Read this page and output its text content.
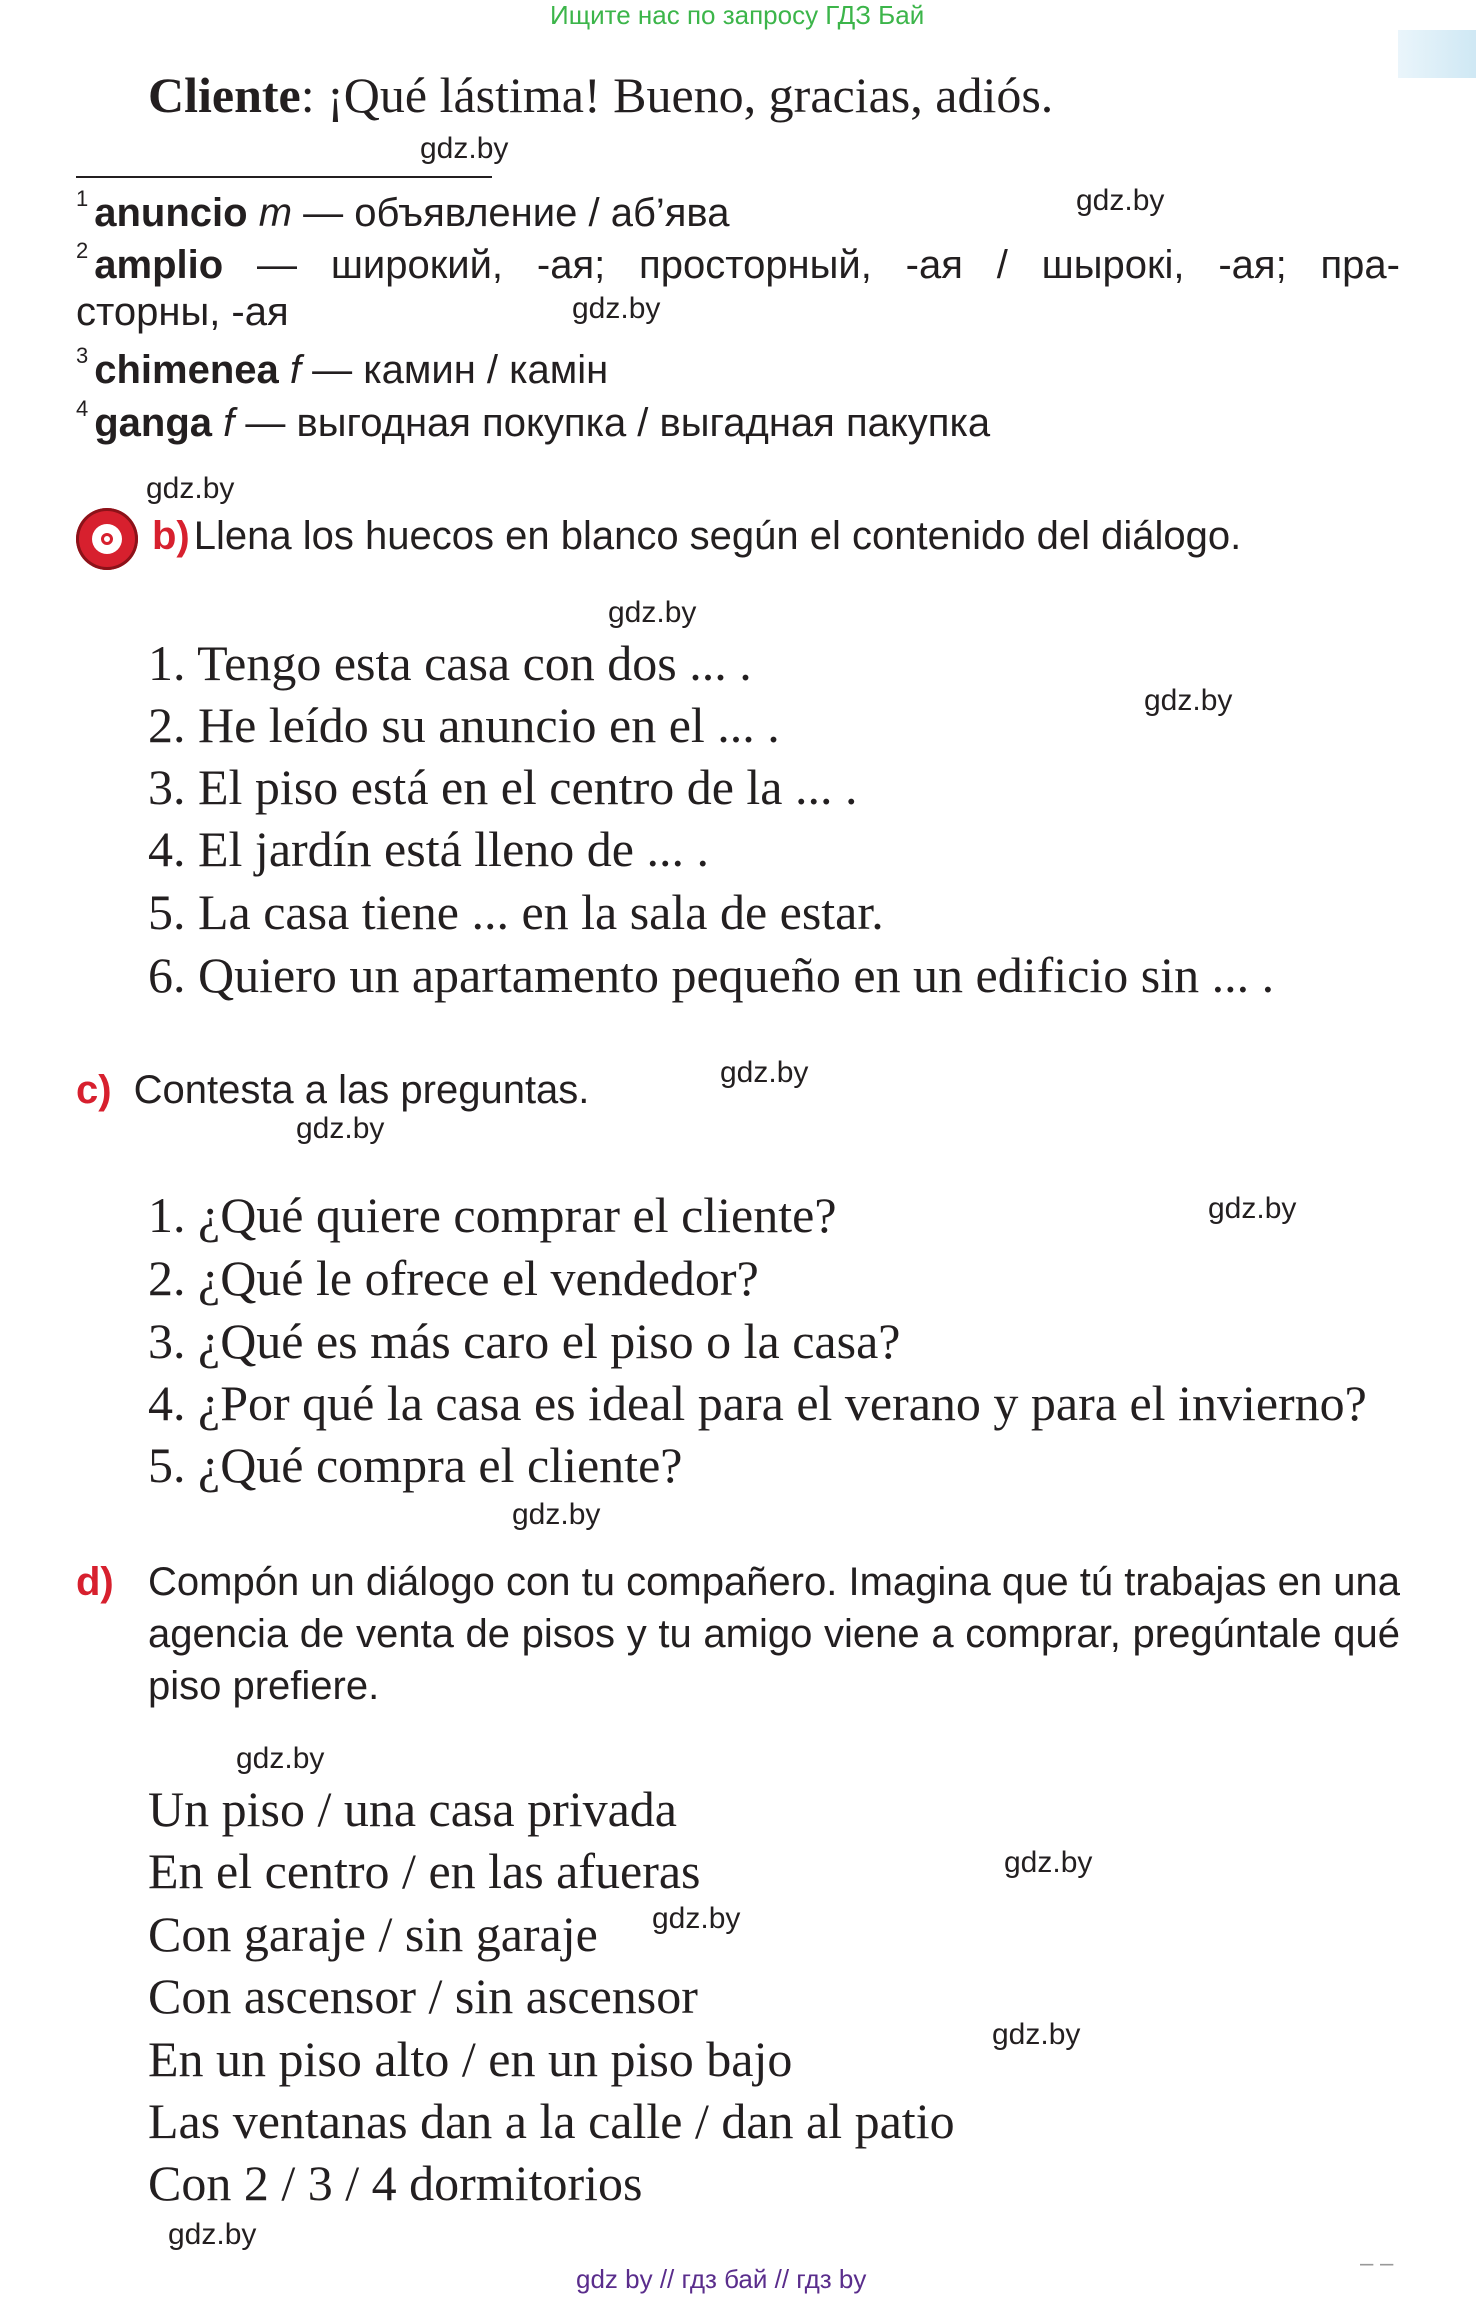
Ищите нас по запросу ГДЗ Бай
Cliente: ¡Qué lástima! Bueno, gracias, adiós.
gdz.by
$^1$ anuncio m — объявление / аб’ява	gdz.by
$^2$ amplio — широкий, -ая; просторный, -ая / шырокі, -ая; пра-
сторны, -ая	gdz.by
$^3$ chimenea f — камин / камін
$^4$ ganga f — выгодная покупка / выгадная пакупка
gdz.by
b) Llena los huecos en blanco según el contenido del diálogo.
gdz.by
gdz.by
1. Tengo esta casa con dos ... .
2. He leído su anuncio en el ... .
3. El piso está en el centro de la ... .
4. El jardín está lleno de ... .
5. La casa tiene ... en la sala de estar.
6. Quiero un apartamento pequeño en un edificio sin ... .
c) Contesta a las preguntas.	gdz.by
gdz.by
gdz.by
1. ¿Qué quiere comprar el cliente?
2. ¿Qué le ofrece el vendedor?
3. ¿Qué es más caro el piso o la casa?
4. ¿Por qué la casa es ideal para el verano y para el invierno?
5. ¿Qué compra el cliente?
gdz.by
d) Compón un diálogo con tu compañero. Imagina que tú trabajas en una agencia de venta de pisos y tu amigo viene a comprar, pregúntale qué piso prefiere.
gdz.by
gdz.by
gdz.by
gdz.by
Un piso / una casa privada
En el centro / en las afueras
Con garaje / sin garaje
Con ascensor / sin ascensor
En un piso alto / en un piso bajo
Las ventanas dan a la calle / dan al patio
Con 2 / 3 / 4 dormitorios
gdz.by
gdz by // гдз бай // гдз by
– –
